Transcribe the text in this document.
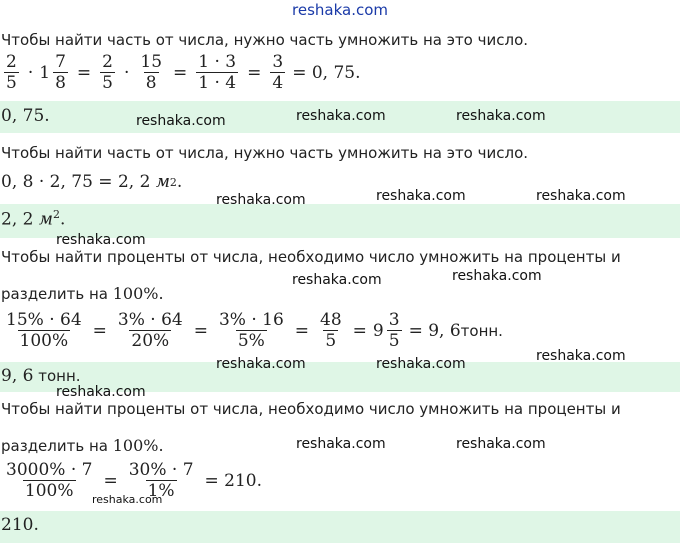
reshaka.com
Чтобы найти часть от числа, нужно часть умножить на это число.
$\frac{2}{5} \cdot 1 \frac{7}{8} = \frac{2}{5} \cdot \frac{15}{8} = \frac{1 \cdot 3}{1 \cdot 4} = \frac{3}{4} = 0$, 75.
0, 75.	reshaka.com	reshaka.com	reshaka.com
Чтобы найти часть от числа, нужно часть умножить на это число.
0, 8 · 2, 75 = 2, 2
м 2 .
2, 2 $м^2$.
reshaka.com	reshaka.com	reshaka.com
reshaka.com
Чтобы найти проценты от числа, необходимо число умножить на проценты и
разделить на 100%.
reshaka.com	reshaka.com
$\frac{15\% \cdot 64}{100\%} = \frac{3\% \cdot 64}{20\%} = \frac{3\% \cdot 16}{5\%} = \frac{48}{5} = 9 \frac{3}{5} = 9$, 6 тонн.
9, 6 тонн.
reshaka.com
reshaka.com	reshaka.com
reshaka.com
Чтобы найти проценты от числа, необходимо число умножить на проценты и
разделить на 100%.	reshaka.com	reshaka.com
$\frac{3000\% \cdot 7}{100\%} = \frac{30\% \cdot 7}{1\%} = 210$.
reshaka.com
210.
